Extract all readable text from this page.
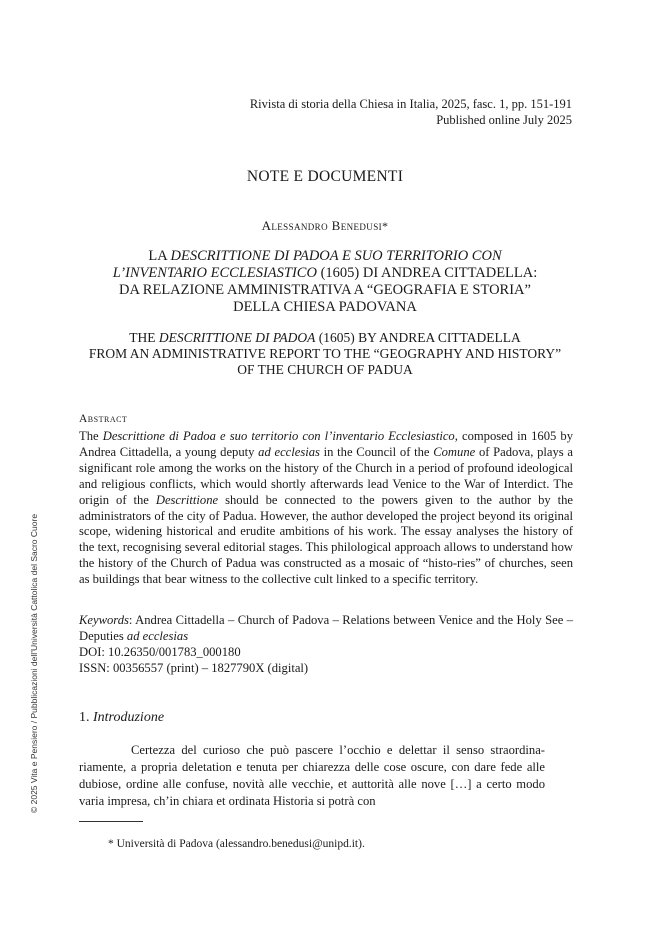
Rivista di storia della Chiesa in Italia, 2025, fasc. 1, pp. 151-191
Published online July 2025
NOTE E DOCUMENTI
Alessandro Benedusi*
LA DESCRITTIONE DI PADOA E SUO TERRITORIO CON
L’INVENTARIO ECCLESIASTICO (1605) DI ANDREA CITTADELLA:
DA RELAZIONE AMMINISTRATIVA A “GEOGRAFIA E STORIA”
DELLA CHIESA PADOVANA
THE DESCRITTIONE DI PADOA (1605) BY ANDREA CITTADELLA
FROM AN ADMINISTRATIVE REPORT TO THE “GEOGRAPHY AND HISTORY”
OF THE CHURCH OF PADUA
Abstract
The Descrittione di Padoa e suo territorio con l’inventario Ecclesiastico, composed in 1605 by Andrea Cittadella, a young deputy ad ecclesias in the Council of the Comune of Padova, plays a significant role among the works on the history of the Church in a period of profound ideological and religious conflicts, which would shortly afterwards lead Venice to the War of Interdict. The origin of the Descrittione should be connected to the powers given to the author by the administrators of the city of Padua. However, the author developed the project beyond its original scope, widening historical and erudite ambitions of his work. The essay analyses the history of the text, recognising several editorial stages. This philological approach allows to understand how the history of the Church of Padua was constructed as a mosaic of “histo-ries” of churches, seen as buildings that bear witness to the collective cult linked to a specific territory.
Keywords: Andrea Cittadella – Church of Padova – Relations between Venice and the Holy See – Deputies ad ecclesias
DOI: 10.26350/001783_000180
ISSN: 00356557 (print) – 1827790X (digital)
1. Introduzione

Certezza del curioso che può pascere l’occhio e delettar il senso straordina-riamente, a propria deletation e tenuta per chiarezza delle cose oscure, con dare fede alle dubiose, ordine alle confuse, novità alle vecchie, et auttorità alle nove […] a certo modo varia impresa, ch’in chiara et ordinata Historia si potrà con

* Università di Padova (alessandro.benedusi@unipd.it).
© 2025 Vita e Pensiero / Pubblicazioni dell’Università Cattolica del Sacro Cuore
